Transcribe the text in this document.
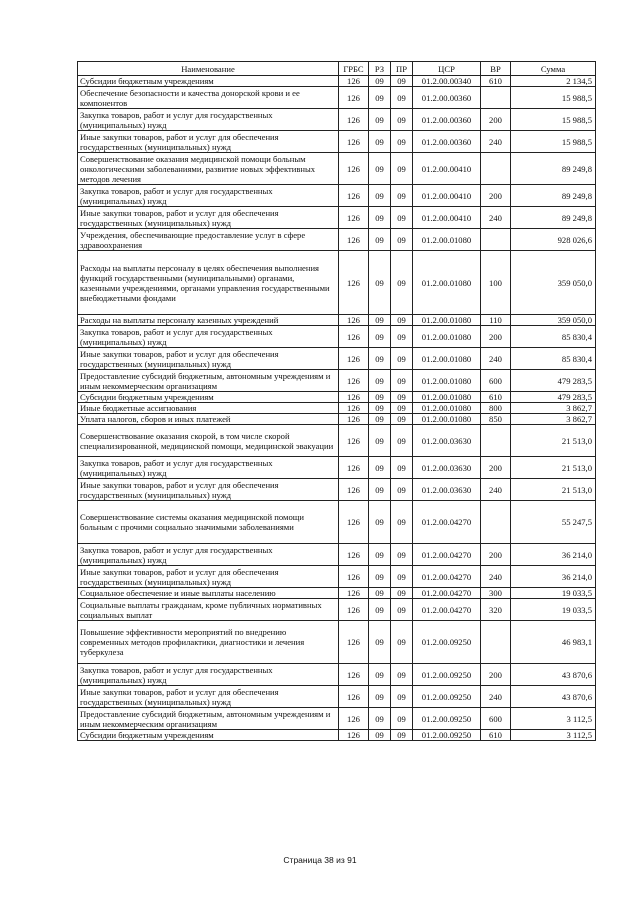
Наименование	ГРБС	РЗ	ПР	ЦСР	ВР	Сумма
Субсидии бюджетным учреждениям	126	09	09	01.2.00.00340	610	2 134,5
Обеспечение безопасности и качества донорской крови и ее компонентов	126	09	09	01.2.00.00360		15 988,5
Закупка товаров, работ и услуг для государственных (муниципальных) нужд	126	09	09	01.2.00.00360	200	15 988,5
Иные закупки товаров, работ и услуг для обеспечения государственных (муниципальных) нужд	126	09	09	01.2.00.00360	240	15 988,5
Совершенствование оказания медицинской помощи больным онкологическими заболеваниями, развитие новых эффективных методов лечения	126	09	09	01.2.00.00410		89 249,8
Закупка товаров, работ и услуг для государственных (муниципальных) нужд	126	09	09	01.2.00.00410	200	89 249,8
Иные закупки товаров, работ и услуг для обеспечения государственных (муниципальных) нужд	126	09	09	01.2.00.00410	240	89 249,8
Учреждения, обеспечивающие предоставление услуг в сфере здравоохранения	126	09	09	01.2.00.01080		928 026,6
Расходы на выплаты персоналу в целях обеспечения выполнения функций государственными (муниципальными) органами, казенными учреждениями, органами управления государственными внебюджетными фондами	126	09	09	01.2.00.01080	100	359 050,0
Расходы на выплаты персоналу казенных учреждений	126	09	09	01.2.00.01080	110	359 050,0
Закупка товаров, работ и услуг для государственных (муниципальных) нужд	126	09	09	01.2.00.01080	200	85 830,4
Иные закупки товаров, работ и услуг для обеспечения государственных (муниципальных) нужд	126	09	09	01.2.00.01080	240	85 830,4
Предоставление субсидий бюджетным, автономным учреждениям и иным некоммерческим организациям	126	09	09	01.2.00.01080	600	479 283,5
Субсидии бюджетным учреждениям	126	09	09	01.2.00.01080	610	479 283,5
Иные бюджетные ассигнования	126	09	09	01.2.00.01080	800	3 862,7
Уплата налогов, сборов и иных платежей	126	09	09	01.2.00.01080	850	3 862,7
Совершенствование оказания скорой, в том числе скорой специализированной, медицинской помощи, медицинской эвакуации	126	09	09	01.2.00.03630		21 513,0
Закупка товаров, работ и услуг для государственных (муниципальных) нужд	126	09	09	01.2.00.03630	200	21 513,0
Иные закупки товаров, работ и услуг для обеспечения государственных (муниципальных) нужд	126	09	09	01.2.00.03630	240	21 513,0
Совершенствование системы оказания медицинской помощи больным с прочими социально значимыми заболеваниями	126	09	09	01.2.00.04270		55 247,5
Закупка товаров, работ и услуг для государственных (муниципальных) нужд	126	09	09	01.2.00.04270	200	36 214,0
Иные закупки товаров, работ и услуг для обеспечения государственных (муниципальных) нужд	126	09	09	01.2.00.04270	240	36 214,0
Социальное обеспечение и иные выплаты населению	126	09	09	01.2.00.04270	300	19 033,5
Социальные выплаты гражданам, кроме публичных нормативных социальных выплат	126	09	09	01.2.00.04270	320	19 033,5
Повышение эффективности мероприятий по внедрению современных методов профилактики, диагностики и лечения туберкулеза	126	09	09	01.2.00.09250		46 983,1
Закупка товаров, работ и услуг для государственных (муниципальных) нужд	126	09	09	01.2.00.09250	200	43 870,6
Иные закупки товаров, работ и услуг для обеспечения государственных (муниципальных) нужд	126	09	09	01.2.00.09250	240	43 870,6
Предоставление субсидий бюджетным, автономным учреждениям и иным некоммерческим организациям	126	09	09	01.2.00.09250	600	3 112,5
Субсидии бюджетным учреждениям	126	09	09	01.2.00.09250	610	3 112,5
Страница 38 из 91
